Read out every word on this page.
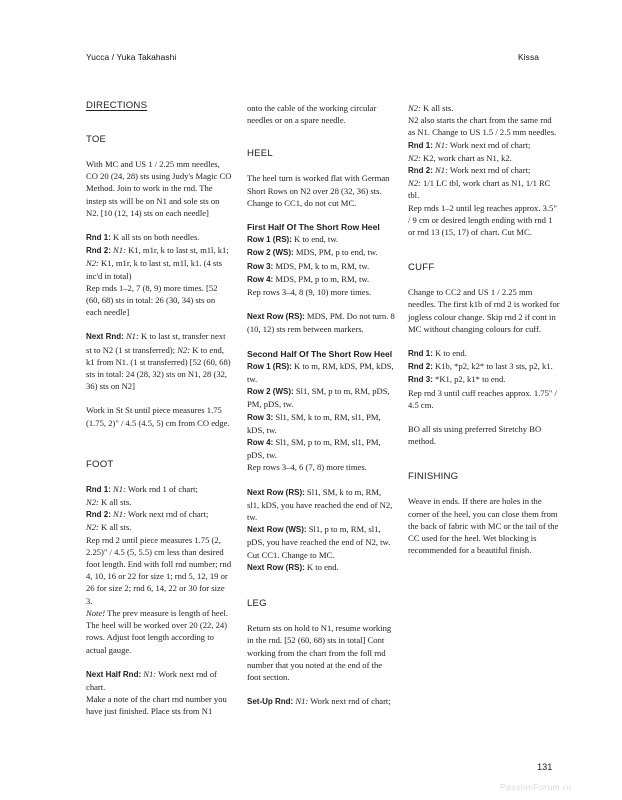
Yucca / Yuka Takahashi	Kissa
DIRECTIONS
TOE
With MC and US 1 / 2.25 mm needles, CO 20 (24, 28) sts using Judy's Magic CO Method. Join to work in the rnd. The instep sts will be on N1 and sole sts on N2. [10 (12, 14) sts on each needle]
Rnd 1: K all sts on both needles.
Rnd 2: N1: K1, m1r, k to last st, m1l, k1; N2: K1, m1r, k to last st, m1l, k1. (4 sts inc'd in total)
Rep rnds 1–2, 7 (8, 9) more times. [52 (60, 68) sts in total: 26 (30, 34) sts on each needle]
Next Rnd: N1: K to last st, transfer next st to N2 (1 st transferred); N2: K to end, k1 from N1. (1 st transferred) [52 (60, 68) sts in total: 24 (28, 32) sts on N1, 28 (32, 36) sts on N2]
Work in St St until piece measures 1.75 (1.75, 2)" / 4.5 (4.5, 5) cm from CO edge.
FOOT
Rnd 1: N1: Work rnd 1 of chart;
N2: K all sts.
Rnd 2: N1: Work next rnd of chart;
N2: K all sts.
Rep rnd 2 until piece measures 1.75 (2, 2.25)" / 4.5 (5, 5.5) cm less than desired foot length. End with foll rnd number; rnd 4, 10, 16 or 22 for size 1; rnd 5, 12, 19 or 26 for size 2; rnd 6, 14, 22 or 30 for size 3.
Note! The prev measure is length of heel. The heel will be worked over 20 (22, 24) rows. Adjust foot length according to actual gauge.
Next Half Rnd: N1: Work next rnd of chart.
Make a note of the chart rnd number you have just finished. Place sts from N1
onto the cable of the working circular needles or on a spare needle.
HEEL
The heel turn is worked flat with German Short Rows on N2 over 28 (32, 36) sts. Change to CC1, do not cut MC.
First Half Of The Short Row Heel
Row 1 (RS): K to end, tw.
Row 2 (WS): MDS, PM, p to end, tw.
Row 3: MDS, PM, k to m, RM, tw.
Row 4: MDS, PM, p to m, RM, tw.
Rep rows 3–4, 8 (9, 10) more times.
Next Row (RS): MDS, PM. Do not turn. 8 (10, 12) sts rem between markers.
Second Half Of The Short Row Heel
Row 1 (RS): K to m, RM, kDS, PM, kDS, tw.
Row 2 (WS): Sl1, SM, p to m, RM, pDS, PM, pDS, tw.
Row 3: Sl1, SM, k to m, RM, sl1, PM, kDS, tw.
Row 4: Sl1, SM, p to m, RM, sl1, PM, pDS, tw.
Rep rows 3–4, 6 (7, 8) more times.
Next Row (RS): Sl1, SM, k to m, RM, sl1, kDS, you have reached the end of N2, tw.
Next Row (WS): Sl1, p to m, RM, sl1, pDS, you have reached the end of N2, tw. Cut CC1. Change to MC.
Next Row (RS): K to end.
LEG
Return sts on hold to N1, resume working in the rnd. [52 (60, 68) sts in total] Cont working from the chart from the foll rnd number that you noted at the end of the foot section.
Set-Up Rnd: N1: Work next rnd of chart;
N2: K all sts.
N2 also starts the chart from the same rnd as N1. Change to US 1.5 / 2.5 mm needles.
Rnd 1: N1: Work next rnd of chart;
N2: K2, work chart as N1, k2.
Rnd 2: N1: Work next rnd of chart;
N2: 1/1 LC tbl, work chart as N1, 1/1 RC tbl.
Rep rnds 1–2 until leg reaches approx. 3.5" / 9 cm or desired length ending with rnd 1 or rnd 13 (15, 17) of chart. Cut MC.
CUFF
Change to CC2 and US 1 / 2.25 mm needles. The first k1b of rnd 2 is worked for jogless colour change. Skip rnd 2 if cont in MC without changing colours for cuff.
Rnd 1: K to end.
Rnd 2: K1b, *p2, k2* to last 3 sts, p2, k1.
Rnd 3: *K1, p2, k1* to end.
Rep rnd 3 until cuff reaches approx. 1.75" / 4.5 cm.
BO all sts using preferred Stretchy BO method.
FINISHING
Weave in ends. If there are holes in the corner of the heel, you can close them from the back of fabric with MC or the tail of the CC used for the heel. Wet blocking is recommended for a beautiful finish.
131
PassionForum.ru
